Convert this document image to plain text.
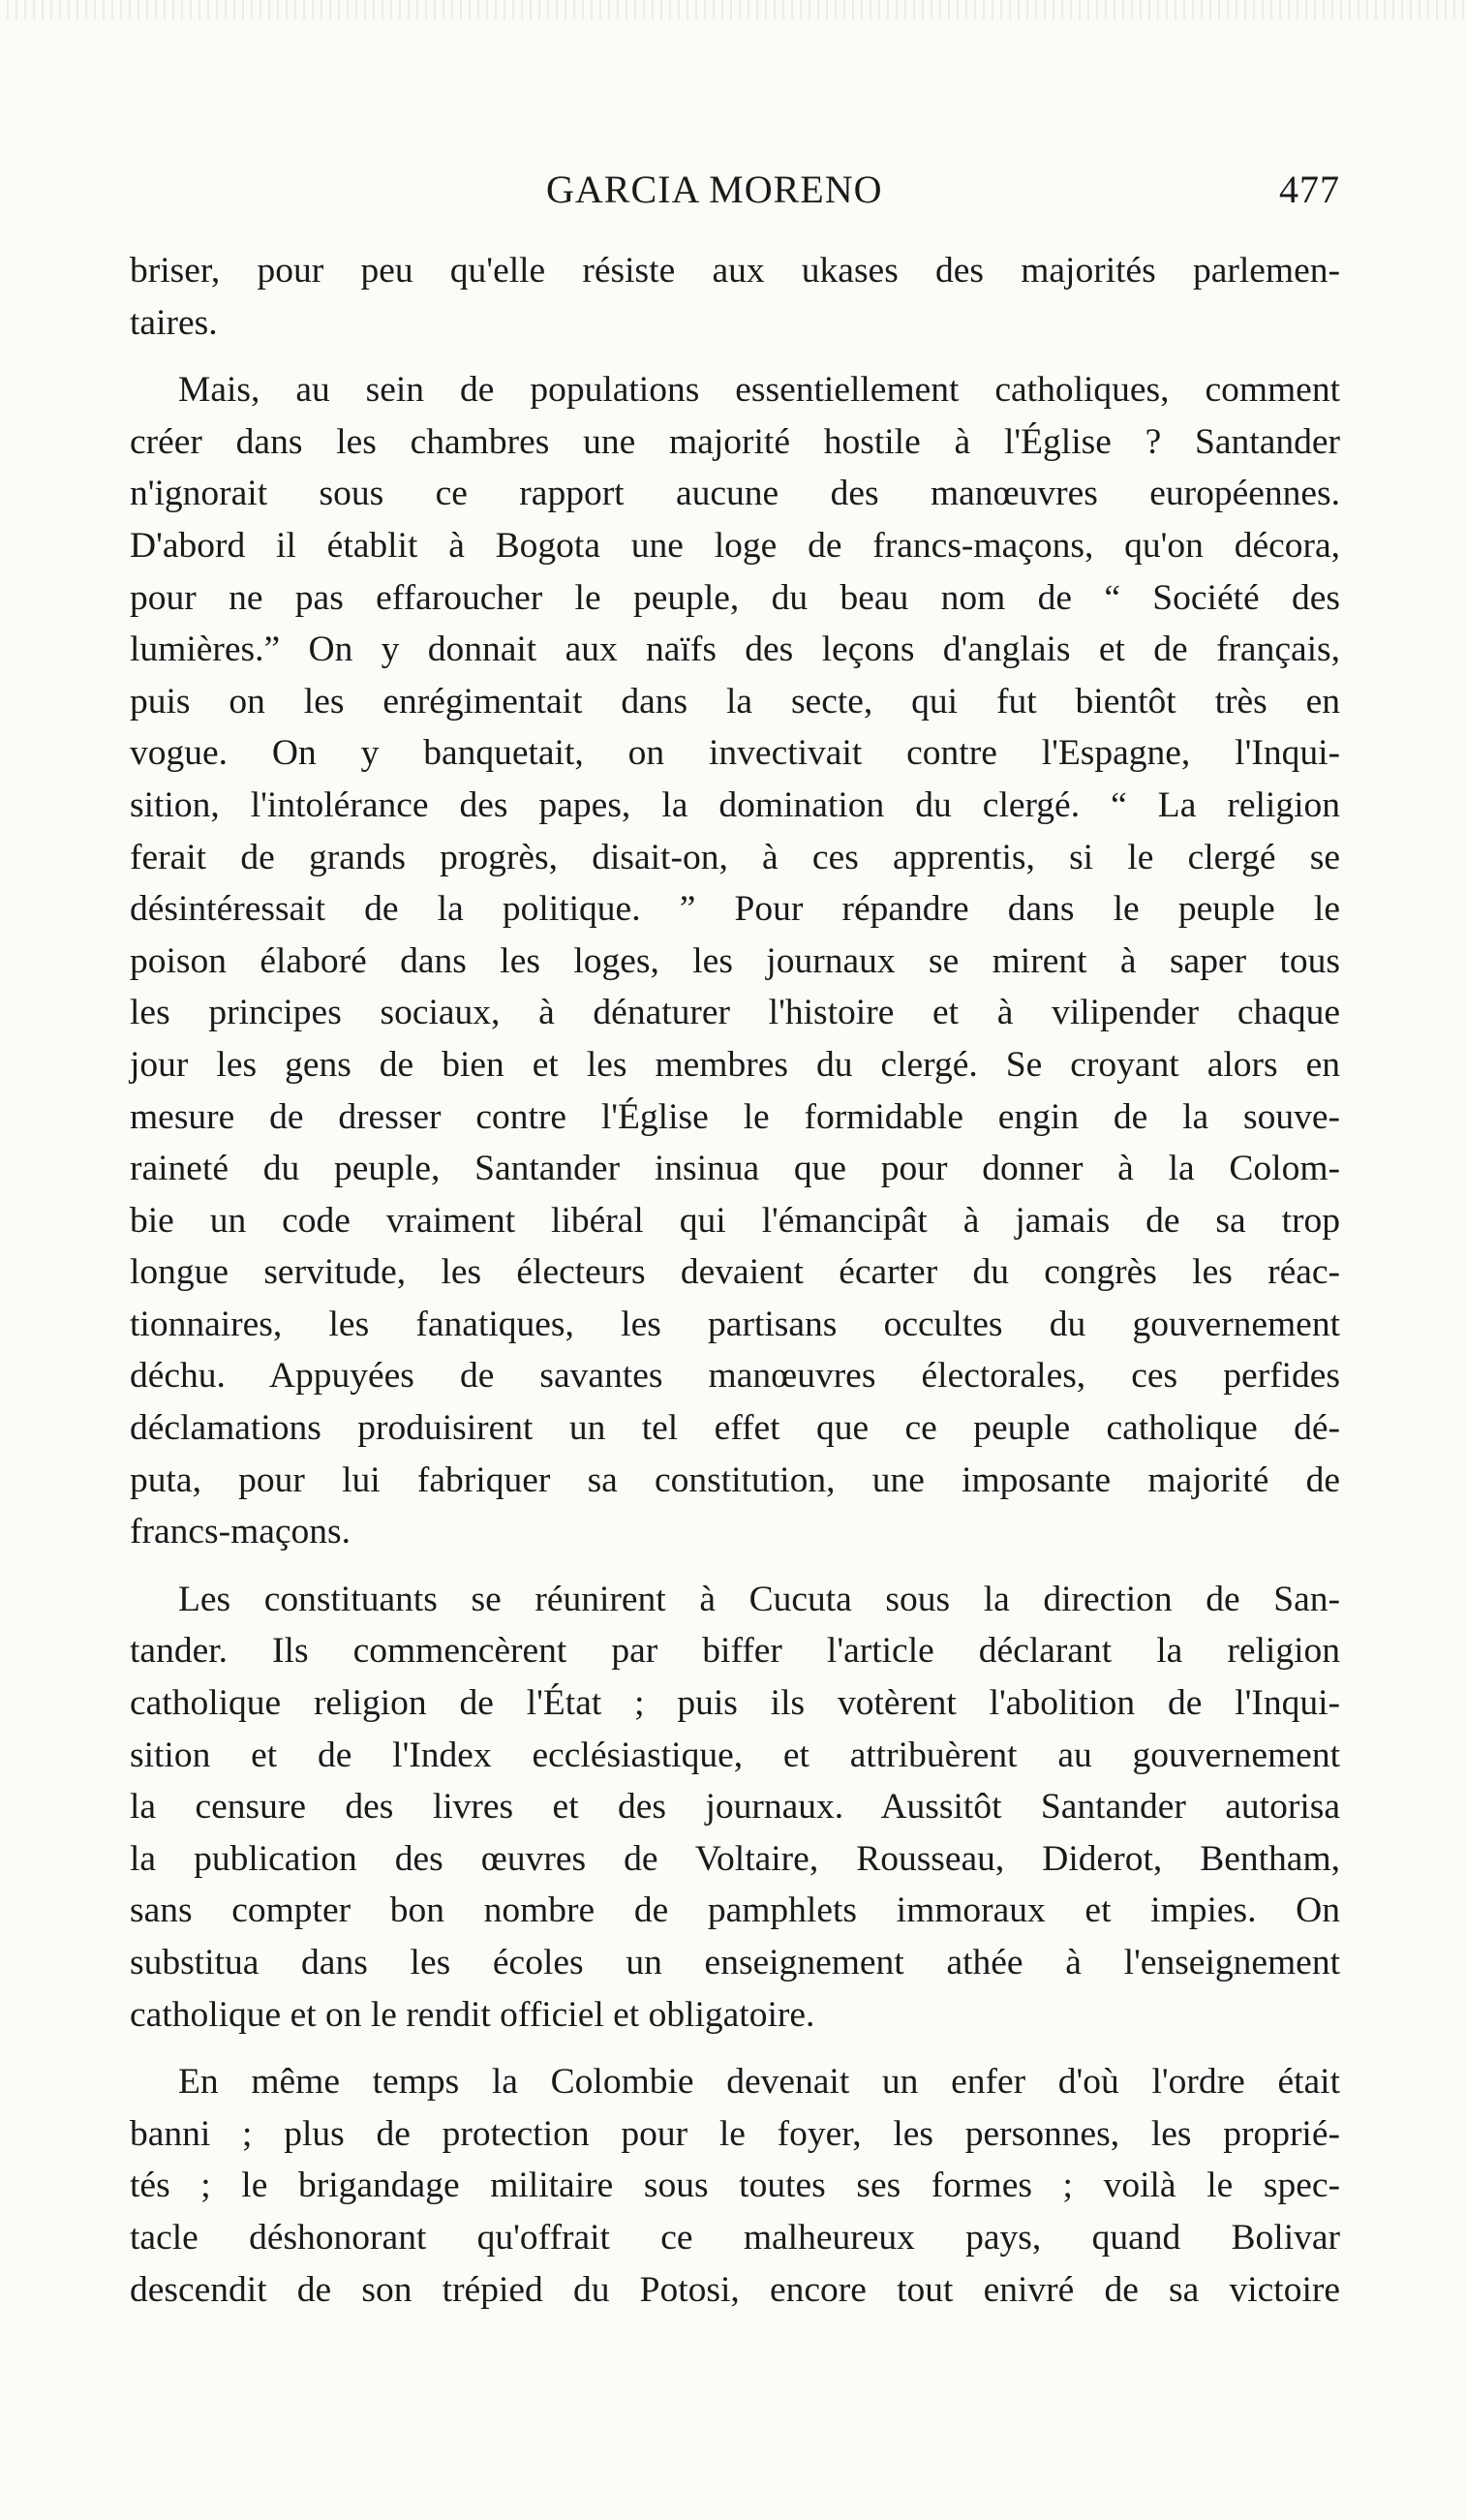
GARCIA MORENO	477
briser, pour peu qu'elle résiste aux ukases des majorités parlemen-
taires.
Mais, au sein de populations essentiellement catholiques, comment
créer dans les chambres une majorité hostile à l'Église ? Santander
n'ignorait sous ce rapport aucune des manœuvres européennes.
D'abord il établit à Bogota une loge de francs-maçons, qu'on décora,
pour ne pas effaroucher le peuple, du beau nom de “ Société des
lumières.” On y donnait aux naïfs des leçons d'anglais et de français,
puis on les enrégimentait dans la secte, qui fut bientôt très en
vogue. On y banquetait, on invectivait contre l'Espagne, l'Inqui-
sition, l'intolérance des papes, la domination du clergé. “ La religion
ferait de grands progrès, disait-on, à ces apprentis, si le clergé se
désintéressait de la politique. ” Pour répandre dans le peuple le
poison élaboré dans les loges, les journaux se mirent à saper tous
les principes sociaux, à dénaturer l'histoire et à vilipender chaque
jour les gens de bien et les membres du clergé. Se croyant alors en
mesure de dresser contre l'Église le formidable engin de la souve-
raineté du peuple, Santander insinua que pour donner à la Colom-
bie un code vraiment libéral qui l'émancipât à jamais de sa trop
longue servitude, les électeurs devaient écarter du congrès les réac-
tionnaires, les fanatiques, les partisans occultes du gouvernement
déchu. Appuyées de savantes manœuvres électorales, ces perfides
déclamations produisirent un tel effet que ce peuple catholique dé-
puta, pour lui fabriquer sa constitution, une imposante majorité de
francs-maçons.
Les constituants se réunirent à Cucuta sous la direction de San-
tander. Ils commencèrent par biffer l'article déclarant la religion
catholique religion de l'État ; puis ils votèrent l'abolition de l'Inqui-
sition et de l'Index ecclésiastique, et attribuèrent au gouvernement
la censure des livres et des journaux. Aussitôt Santander autorisa
la publication des œuvres de Voltaire, Rousseau, Diderot, Bentham,
sans compter bon nombre de pamphlets immoraux et impies. On
substitua dans les écoles un enseignement athée à l'enseignement
catholique et on le rendit officiel et obligatoire.
En même temps la Colombie devenait un enfer d'où l'ordre était
banni ; plus de protection pour le foyer, les personnes, les proprié-
tés ; le brigandage militaire sous toutes ses formes ; voilà le spec-
tacle déshonorant qu'offrait ce malheureux pays, quand Bolivar
descendit de son trépied du Potosi, encore tout enivré de sa victoire
